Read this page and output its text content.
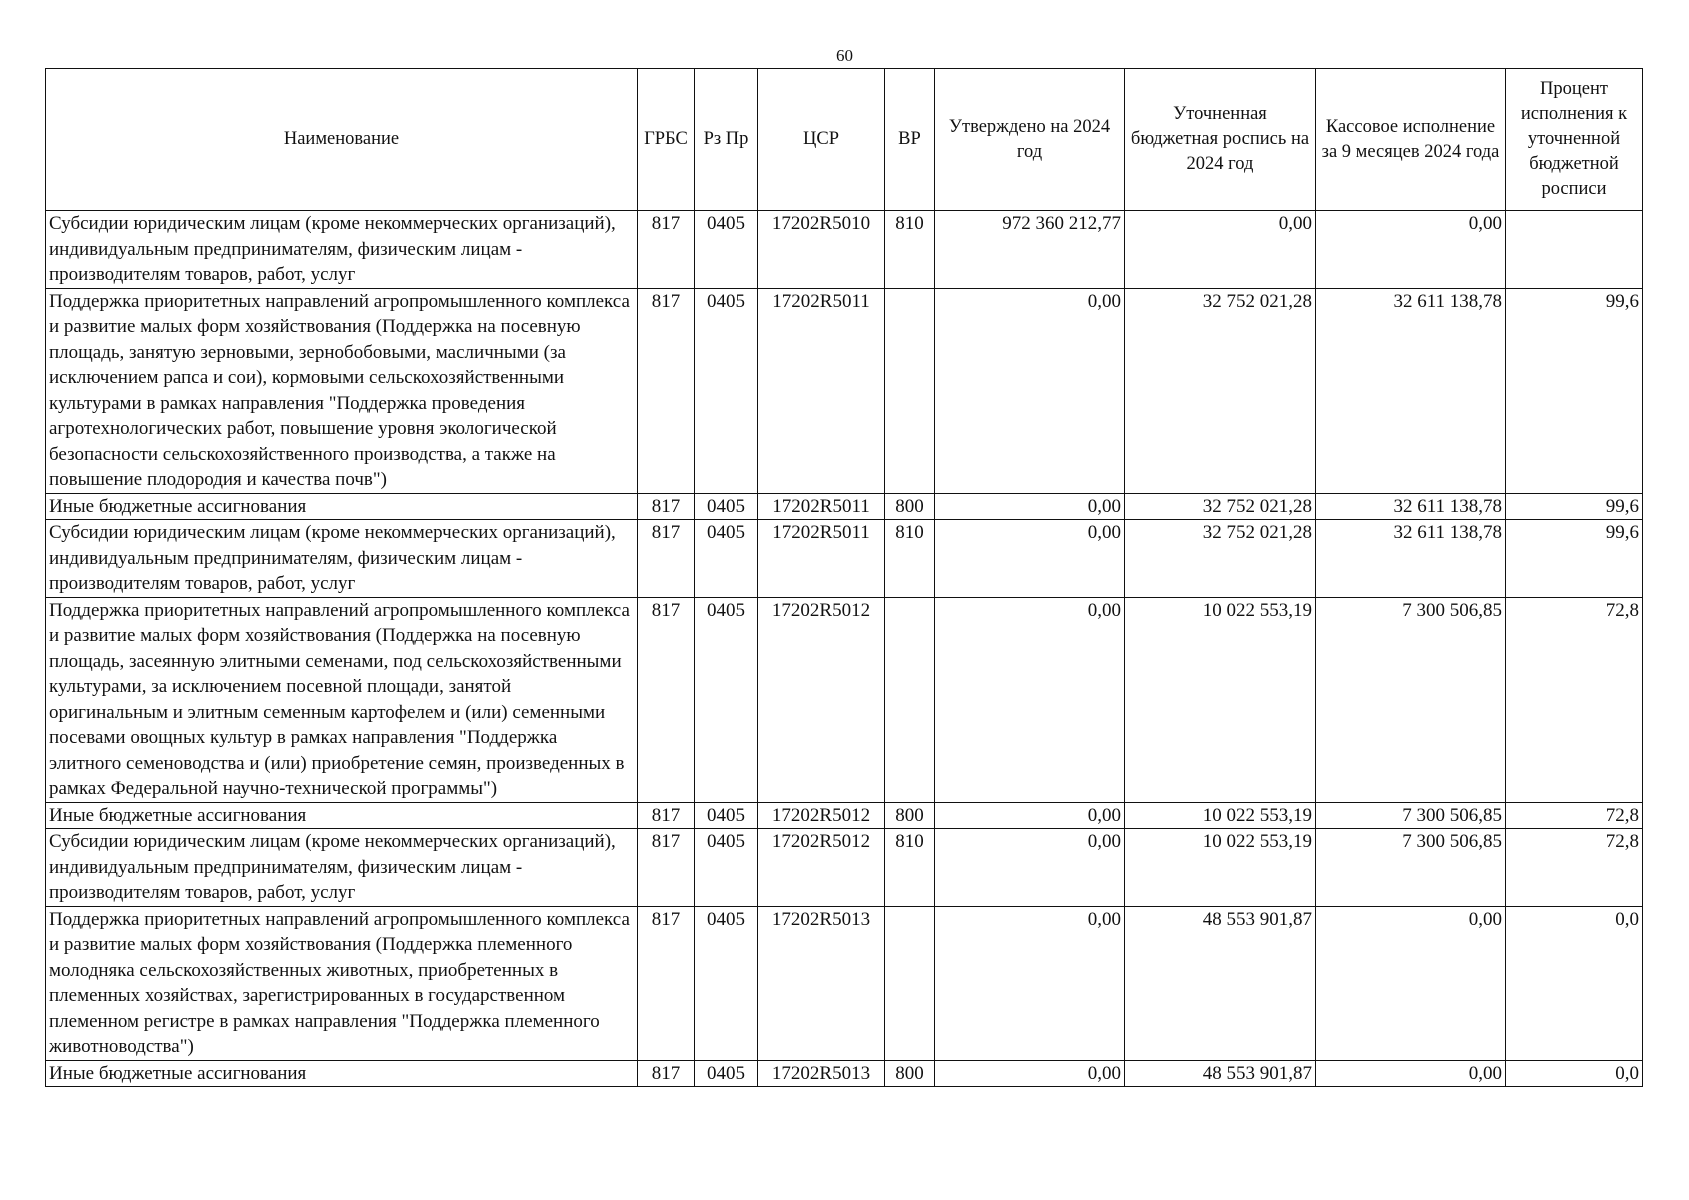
60
Наименование	ГРБС	Рз Пр	ЦСР	ВР	Утверждено на 2024 год	Уточненная бюджетная роспись на 2024 год	Кассовое исполнение за 9 месяцев 2024 года	Процент исполнения к уточненной бюджетной росписи
Субсидии юридическим лицам (кроме некоммерческих организаций), индивидуальным предпринимателям, физическим лицам - производителям товаров, работ, услуг	817	0405	17202R5010	810	972 360 212,77	0,00	0,00	
Поддержка приоритетных направлений агропромышленного комплекса и развитие малых форм хозяйствования (Поддержка на посевную площадь, занятую зерновыми, зернобобовыми, масличными (за исключением рапса и сои), кормовыми сельскохозяйственными культурами в рамках направления "Поддержка проведения агротехнологических работ, повышение уровня экологической безопасности сельскохозяйственного производства, а также на повышение плодородия и качества почв")	817	0405	17202R5011		0,00	32 752 021,28	32 611 138,78	99,6
Иные бюджетные ассигнования	817	0405	17202R5011	800	0,00	32 752 021,28	32 611 138,78	99,6
Субсидии юридическим лицам (кроме некоммерческих организаций), индивидуальным предпринимателям, физическим лицам - производителям товаров, работ, услуг	817	0405	17202R5011	810	0,00	32 752 021,28	32 611 138,78	99,6
Поддержка приоритетных направлений агропромышленного комплекса и развитие малых форм хозяйствования (Поддержка на посевную площадь, засеянную элитными семенами, под сельскохозяйственными культурами, за исключением посевной площади, занятой оригинальным и элитным семенным картофелем и (или) семенными посевами овощных культур в рамках направления "Поддержка элитного семеноводства и (или) приобретение семян, произведенных в рамках Федеральной научно-технической программы")	817	0405	17202R5012		0,00	10 022 553,19	7 300 506,85	72,8
Иные бюджетные ассигнования	817	0405	17202R5012	800	0,00	10 022 553,19	7 300 506,85	72,8
Субсидии юридическим лицам (кроме некоммерческих организаций), индивидуальным предпринимателям, физическим лицам - производителям товаров, работ, услуг	817	0405	17202R5012	810	0,00	10 022 553,19	7 300 506,85	72,8
Поддержка приоритетных направлений агропромышленного комплекса и развитие малых форм хозяйствования (Поддержка племенного молодняка сельскохозяйственных животных, приобретенных в племенных хозяйствах, зарегистрированных в государственном племенном регистре в рамках направления "Поддержка племенного животноводства")	817	0405	17202R5013		0,00	48 553 901,87	0,00	0,0
Иные бюджетные ассигнования	817	0405	17202R5013	800	0,00	48 553 901,87	0,00	0,0
